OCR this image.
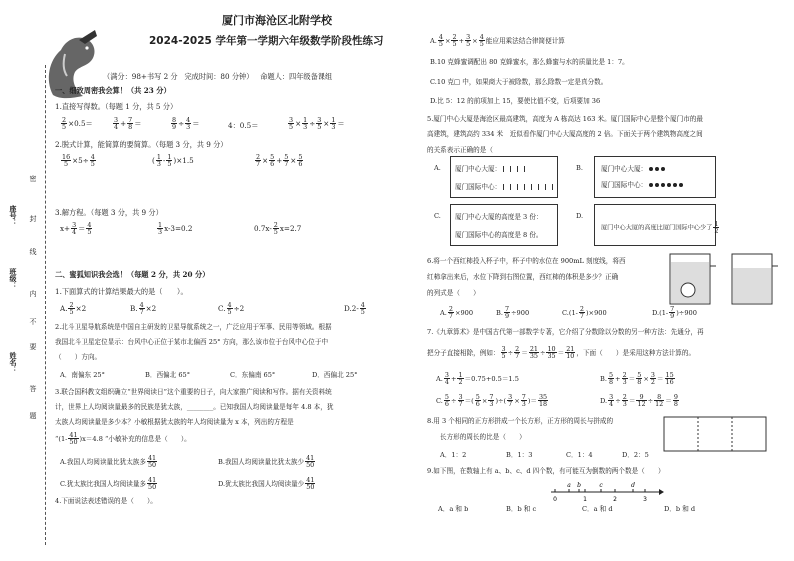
座号：
班级：
姓名：
密
封
线
内
不
要
答
题
厦门市海沧区北附学校
2024-2025 学年第一学期六年级数学阶段性练习
（满分：98+书写 2 分 完成时间：80 分钟） 命题人：四年级备课组
一、细致周密我会算！（共 23 分）
1.直接写得数。（每题 1 分，共 5 分）
$\frac{2}{5} \times 0.5=$	$\frac{3}{4} + \frac{7}{8}$ ＝	$\frac{8}{9} \div \frac{4}{3}$ ＝	4：0.5＝	$\frac{3}{5} \times \frac{1}{3} \div \frac{3}{5} \times \frac{1}{3}$ ＝
2.脱式计算，能简算的要简算。（每题 3 分，共 9 分）
$\frac{16}{5} \times 5\div \frac{4}{5}$	( $\frac{1}{3} - \frac{1}{5} )\times 1.5$	$\frac{2}{7} \times \frac{5}{6} + \frac{5}{7} \times \frac{5}{6}$
3.解方程。（每题 3 分，共 9 分）
$x+ \frac{3}{4} = \frac{4}{5}$	$\frac{1}{3} x-3=0.2$	$0.7x- \frac{2}{5} x=2.7$
二、蜜狐知识我会选！（每题 2 分，共 20 分）
1.下面算式的计算结果最大的是（　　）。
A. $\frac{2}{5} \times 2$	B. $\frac{4}{7} \times 2$	C. $\frac{4}{5} \div 2$	$D.2- \frac{4}{5}$
2.北斗卫星导航系统是中国自主研发的卫星导航系统之一，广泛应用于军事、民用等领域。根据
我国北斗卫星定位显示：台风中心正位于某市北偏西 25° 方向，那么该市位于台风中心位于中
（　　）方向。
A．南偏东 25°	B．西偏北 65°	C．东偏南 65°	D．西偏北 25°
3.联合国科教文组织确立“世界阅读日”这个重要的日子，向大家推广阅读和写作。据有关资料统
计，世界上人均阅读量最多的民族是犹太族，________。已知我国人均阅读量是每年 4.8 本，犹
太族人均阅读量是多少本？小敏根据犹太族的年人均阅读量为 x 本，列出的方程是
“$(1- \frac{41}{50} )x=4.8$ “小敏补充的信息是（　　）。
A.我国人均阅读量比犹太族多 $\frac{41}{50}$	B.我国人均阅读量比犹太族少 $\frac{41}{50}$
C.犹太族比我国人均阅读量多 $\frac{41}{50}$	D.犹太族比我国人均阅读量少 $\frac{41}{50}$
4.下面说法表述错误的是（　　）。
A. $\frac{4}{5} \times \frac{2}{5} + \frac{3}{5} \times \frac{4}{5}$ 能应用乘法结合律简便计算
B.10 克蜂蜜调配出 80 克蜂蜜水，那么蜂蜜与水的质量比是 1：7。
C.10 克□ 中，如果商大于被除数，那么除数一定是真分数。
D.比 5：12 的前项加上 15，要使比值不变，后项要加 36
5.厦门中心大厦是海沧区最高建筑，高度为 A 栋高达 163 米。厦门国际中心是整个厦门市的最
高建筑，建筑高约 334 米　近似看作厦门中心大厦高度的 2 倍。下面关于两个建筑物高度之间
的关系表示正确的是（
A. 厦门中心大厦：
厦门国际中心：
B.	厦门中心大厦：
厦门国际中心：
C. 厦门中心大厦的高度是 3 份：
厦门国际中心的高度是 8 份。
D.
厦门中心大厦的高度比厦门国际中心少了 $\frac{1}{2}$
6.将一个西红柿投入杯子中，杯子中的水位在 900mL 刻度线，将西
红柿拿出来后，水位下降到右图位置，西红柿的体积是多少？正确
的列式是（　　）
A. $\frac{2}{7} \times 900$	B. $\frac{7}{9} \div 900$	$C.(1- \frac{2}{7} )\times 900$	$D.(1- \frac{7}{9} )\div 900$
7.《九章算术》是中国古代第一部数学专著，它介绍了分数除以分数的另一种方法：先通分，再
把分子直接相除，例如： $\frac{3}{5} \div \frac{2}{7} = \frac{21}{35} \div \frac{10}{35} = \frac{21}{10}$ ，下面（　　）是采用这种方法计算的。
A. $\frac{3}{4} + \frac{1}{2} =0.75+0.5=1.5$	B. $\frac{5}{8} + \frac{2}{3} = \frac{5}{8} \times \frac{3}{2} = \frac{15}{16}$
C. $\frac{5}{6} \div \frac{3}{7}$ ＝( $\frac{5}{6} \times \frac{7}{3}$ )÷( $\frac{3}{7} \times \frac{7}{3}$ )＝ $\frac{35}{18}$	D. $\frac{3}{4} \div \frac{2}{3} = \frac{9}{12} \div \frac{8}{12} = \frac{9}{8}$
8.用 3 个相同的正方形拼成一个长方形，正方形的周长与拼成的
长方形的周长的比是（　　）
A．1：2	B．1：3	C．1：4	D．2：5
9.如下图，在数轴上有 a、b、c、d 四个数，有可能互为倒数的两个数是（　　）
0
a b
1
c
2
d
3
A．a 和 b	B．b 和 c	C．a 和 d	D．b 和 d
